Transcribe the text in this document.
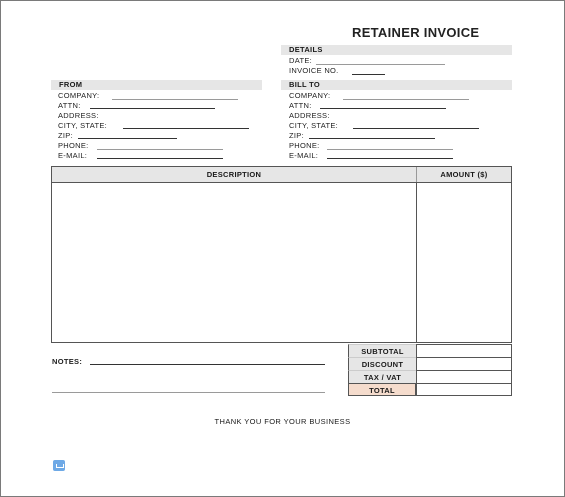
RETAINER INVOICE
DETAILS
DATE:
INVOICE NO.
FROM
COMPANY:
ATTN:
ADDRESS:
CITY, STATE:
ZIP:
PHONE:
E-MAIL:
BILL TO
COMPANY:
ATTN:
ADDRESS:
CITY, STATE:
ZIP:
PHONE:
E-MAIL:
DESCRIPTION	AMOUNT ($)
NOTES:
SUBTOTAL
DISCOUNT
TAX / VAT
TOTAL
THANK YOU FOR YOUR BUSINESS
